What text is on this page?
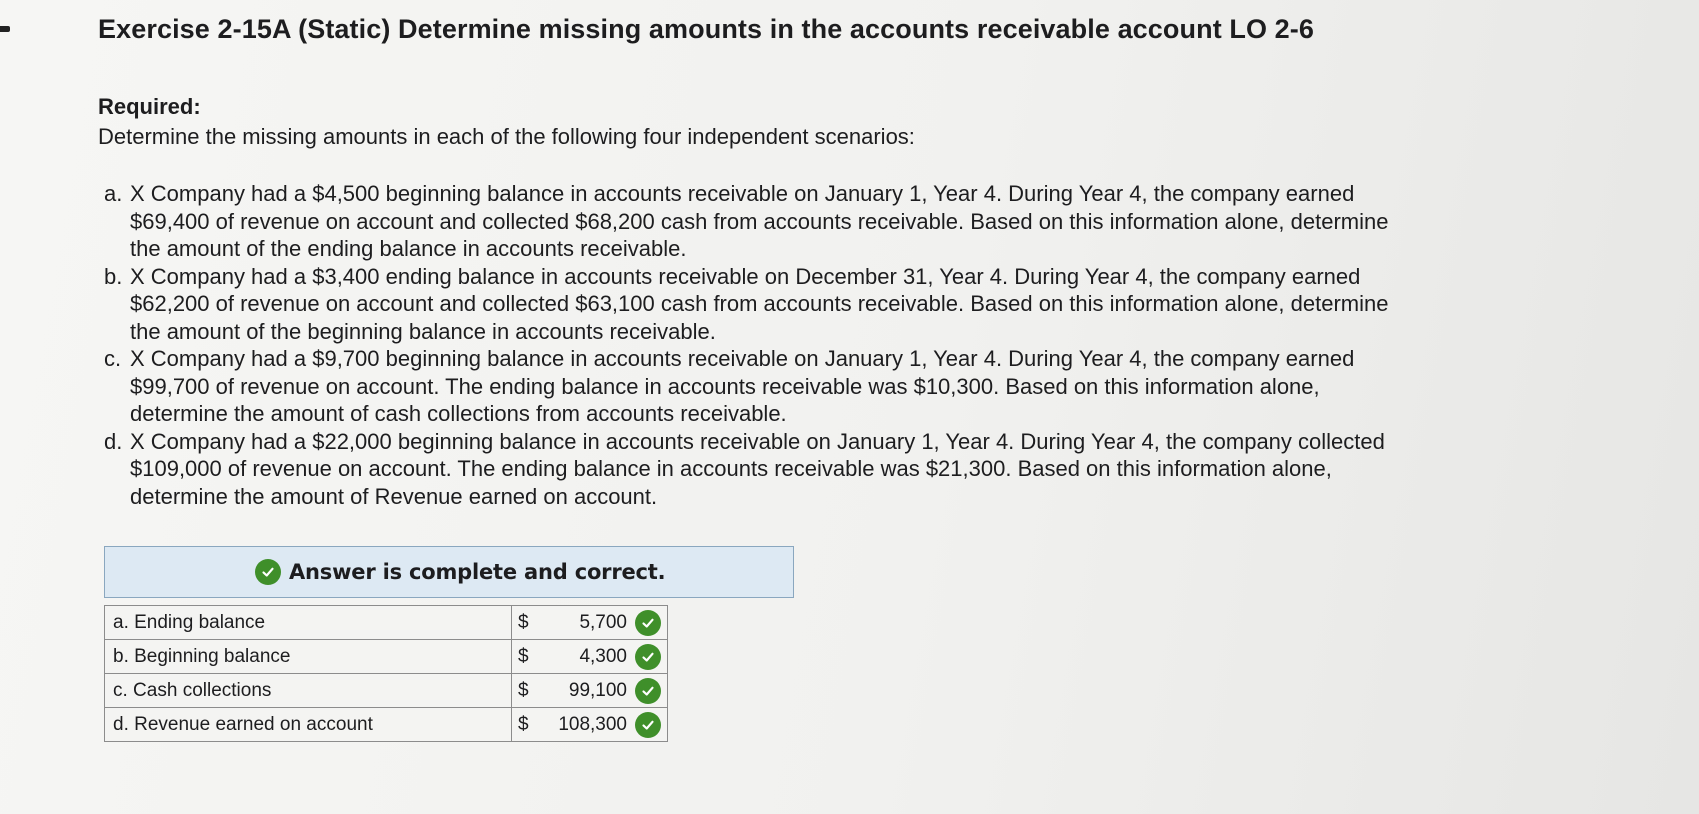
Exercise 2-15A (Static) Determine missing amounts in the accounts receivable account LO 2-6

Required:

Determine the missing amounts in each of the following four independent scenarios:

a. X Company had a $4,500 beginning balance in accounts receivable on January 1, Year 4. During Year 4, the company earned
$69,400 of revenue on account and collected $68,200 cash from accounts receivable. Based on this information alone, determine
the amount of the ending balance in accounts receivable.
b. X Company had a $3,400 ending balance in accounts receivable on December 31, Year 4. During Year 4, the company earned
$62,200 of revenue on account and collected $63,100 cash from accounts receivable. Based on this information alone, determine
the amount of the beginning balance in accounts receivable.
c. X Company had a $9,700 beginning balance in accounts receivable on January 1, Year 4. During Year 4, the company earned
$99,700 of revenue on account. The ending balance in accounts receivable was $10,300. Based on this information alone,
determine the amount of cash collections from accounts receivable.
d. X Company had a $22,000 beginning balance in accounts receivable on January 1, Year 4. During Year 4, the company collected
$109,000 of revenue on account. The ending balance in accounts receivable was $21,300. Based on this information alone,
determine the amount of Revenue earned on account.
Answer is complete and correct.
a. Ending balance	$ 5,700

b. Beginning balance	$ 4,300

c. Cash collections	$ 99,100

d. Revenue earned on account	$ 108,300
